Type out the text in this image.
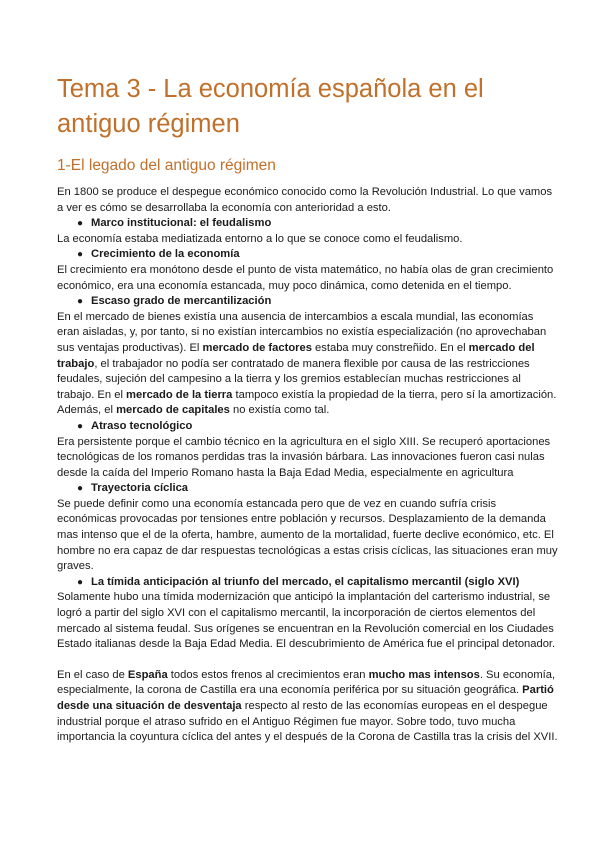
Tema 3 - La economía española en el antiguo régimen
1-El legado del antiguo régimen

En 1800 se produce el despegue económico conocido como la Revolución Industrial. Lo que vamos a ver es cómo se desarrollaba la economía con anterioridad a esto.

● Marco institucional: el feudalismo

La economía estaba mediatizada entorno a lo que se conoce como el feudalismo.

● Crecimiento de la economía

El crecimiento era monótono desde el punto de vista matemático, no había olas de gran crecimiento económico, era una economía estancada, muy poco dinámica, como detenida en el tiempo.

● Escaso grado de mercantilización

En el mercado de bienes existía una ausencia de intercambios a escala mundial, las economías eran aisladas, y, por tanto, si no existían intercambios no existía especialización (no aprovechaban sus ventajas productivas). El mercado de factores estaba muy constreñido. En el mercado del trabajo, el trabajador no podía ser contratado de manera flexible por causa de las restricciones feudales, sujeción del campesino a la tierra y los gremios establecían muchas restricciones al trabajo. En el mercado de la tierra tampoco existía la propiedad de la tierra, pero sí la amortización. Además, el mercado de capitales no existía como tal.

● Atraso tecnológico

Era persistente porque el cambio técnico en la agricultura en el siglo XIII. Se recuperó aportaciones tecnológicas de los romanos perdidas tras la invasión bárbara. Las innovaciones fueron casi nulas desde la caída del Imperio Romano hasta la Baja Edad Media, especialmente en agricultura

● Trayectoria cíclica

Se puede definir como una economía estancada pero que de vez en cuando sufría crisis económicas provocadas por tensiones entre población y recursos. Desplazamiento de la demanda mas intenso que el de la oferta, hambre, aumento de la mortalidad, fuerte declive económico, etc. El hombre no era capaz de dar respuestas tecnológicas a estas crisis cíclicas, las situaciones eran muy graves.

● La tímida anticipación al triunfo del mercado, el capitalismo mercantil (siglo XVI)

Solamente hubo una tímida modernización que anticipó la implantación del carterismo industrial, se logró a partir del siglo XVI con el capitalismo mercantil, la incorporación de ciertos elementos del mercado al sistema feudal. Sus orígenes se encuentran en la Revolución comercial en los Ciudades Estado italianas desde la Baja Edad Media. El descubrimiento de América fue el principal detonador.

En el caso de España todos estos frenos al crecimientos eran mucho mas intensos. Su economía, especialmente, la corona de Castilla era una economía periférica por su situación geográfica. Partió desde una situación de desventaja respecto al resto de las economías europeas en el despegue industrial porque el atraso sufrido en el Antiguo Régimen fue mayor. Sobre todo, tuvo mucha importancia la coyuntura cíclica del antes y el después de la Corona de Castilla tras la crisis del XVII.
